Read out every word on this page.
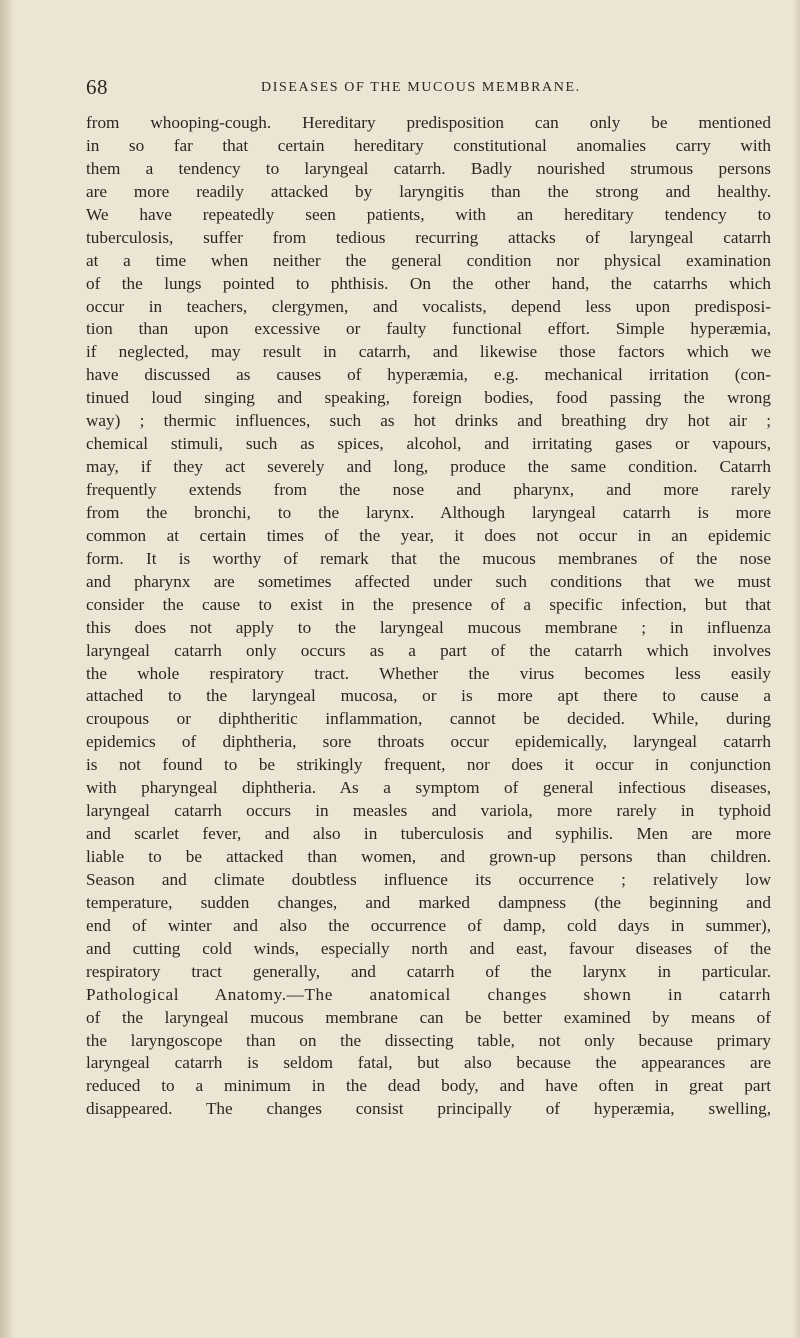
68	DISEASES OF THE MUCOUS MEMBRANE.
from whooping-cough. Hereditary predisposition can only be mentioned
in so far that certain hereditary constitutional anomalies carry with
them a tendency to laryngeal catarrh. Badly nourished strumous persons
are more readily attacked by laryngitis than the strong and healthy.
We have repeatedly seen patients, with an hereditary tendency to
tuberculosis, suffer from tedious recurring attacks of laryngeal catarrh
at a time when neither the general condition nor physical examination
of the lungs pointed to phthisis. On the other hand, the catarrhs which
occur in teachers, clergymen, and vocalists, depend less upon predisposi-
tion than upon excessive or faulty functional effort. Simple hyperæmia,
if neglected, may result in catarrh, and likewise those factors which we
have discussed as causes of hyperæmia, e.g. mechanical irritation (con-
tinued loud singing and speaking, foreign bodies, food passing the wrong
way) ; thermic influences, such as hot drinks and breathing dry hot air ;
chemical stimuli, such as spices, alcohol, and irritating gases or vapours,
may, if they act severely and long, produce the same condition. Catarrh
frequently extends from the nose and pharynx, and more rarely
from the bronchi, to the larynx. Although laryngeal catarrh is more
common at certain times of the year, it does not occur in an epidemic
form. It is worthy of remark that the mucous membranes of the nose
and pharynx are sometimes affected under such conditions that we must
consider the cause to exist in the presence of a specific infection, but that
this does not apply to the laryngeal mucous membrane ; in influenza
laryngeal catarrh only occurs as a part of the catarrh which involves
the whole respiratory tract. Whether the virus becomes less easily
attached to the laryngeal mucosa, or is more apt there to cause a
croupous or diphtheritic inflammation, cannot be decided. While, during
epidemics of diphtheria, sore throats occur epidemically, laryngeal catarrh
is not found to be strikingly frequent, nor does it occur in conjunction
with pharyngeal diphtheria. As a symptom of general infectious diseases,
laryngeal catarrh occurs in measles and variola, more rarely in typhoid
and scarlet fever, and also in tuberculosis and syphilis. Men are more
liable to be attacked than women, and grown-up persons than children.
Season and climate doubtless influence its occurrence ; relatively low
temperature, sudden changes, and marked dampness (the beginning and
end of winter and also the occurrence of damp, cold days in summer),
and cutting cold winds, especially north and east, favour diseases of the
respiratory tract generally, and catarrh of the larynx in particular.
Pathological Anatomy.—The anatomical changes shown in catarrh
of the laryngeal mucous membrane can be better examined by means of
the laryngoscope than on the dissecting table, not only because primary
laryngeal catarrh is seldom fatal, but also because the appearances are
reduced to a minimum in the dead body, and have often in great part
disappeared. The changes consist principally of hyperæmia, swelling,
